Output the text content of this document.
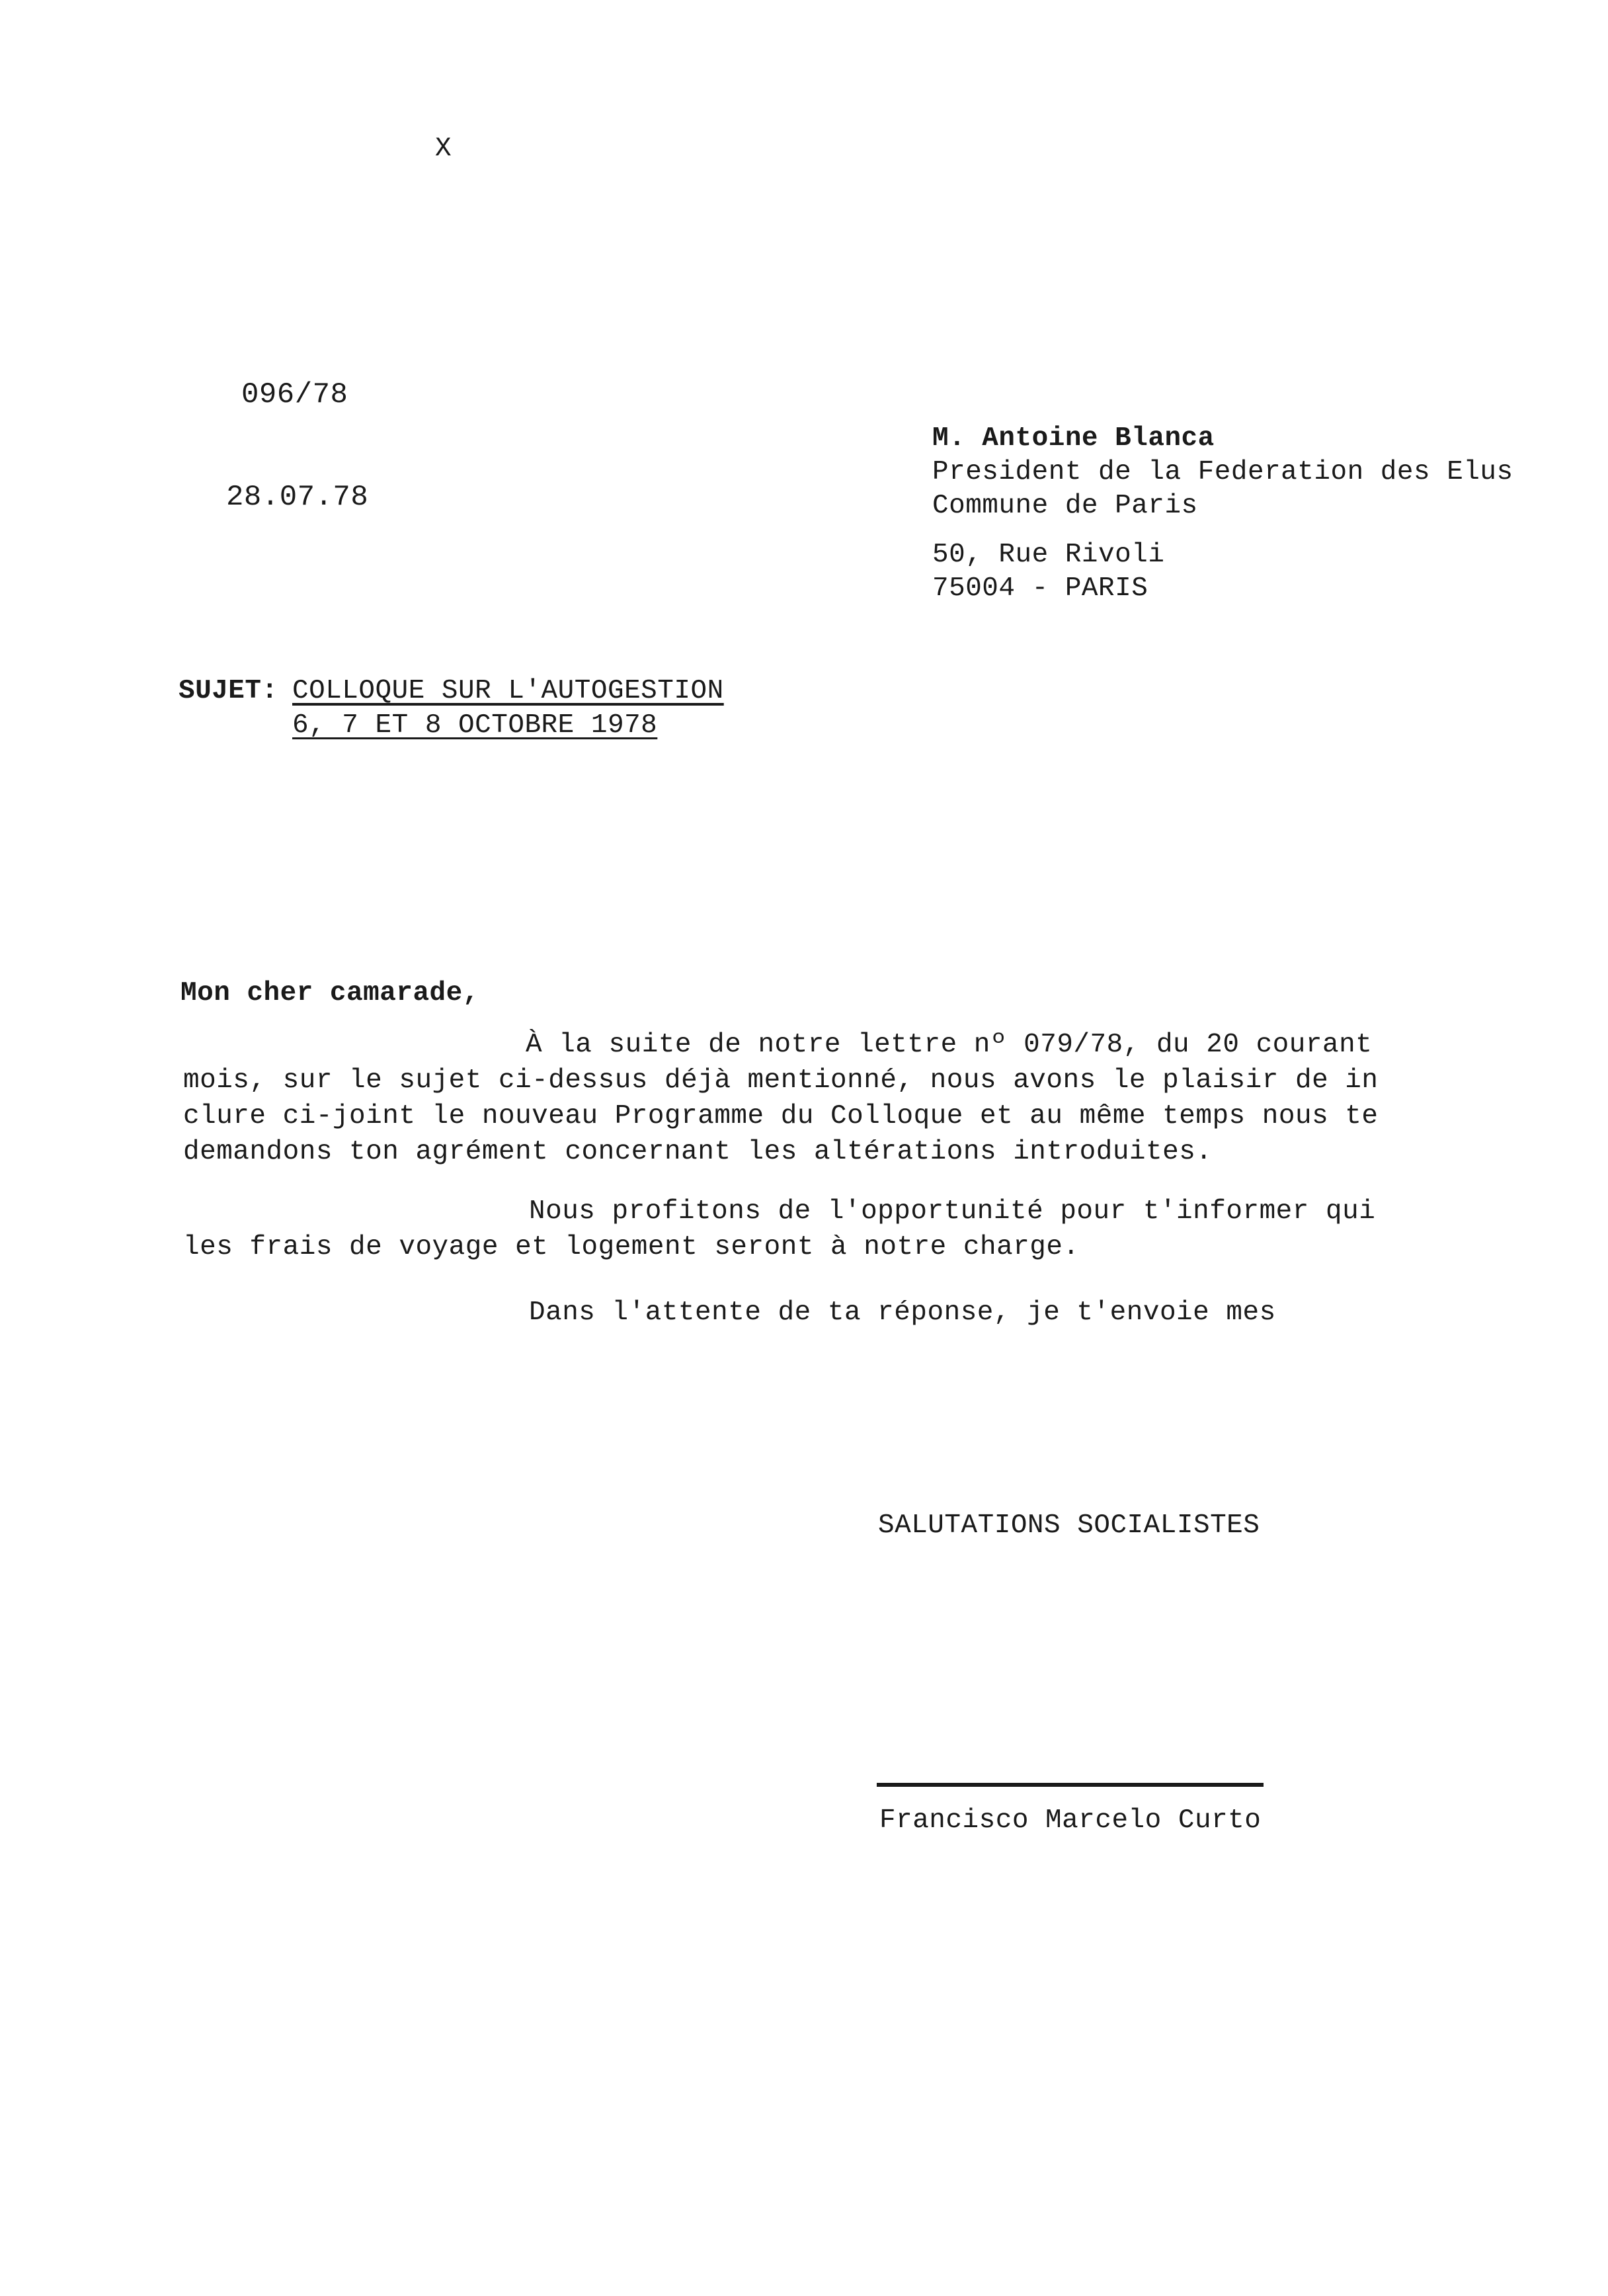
X
096/78
28.07.78
M. Antoine Blanca
President de la Federation des Elus
Commune de Paris
50, Rue Rivoli
75004 - PARIS
SUJET: COLLOQUE SUR L'AUTOGESTION
6, 7 ET 8 OCTOBRE 1978
Mon cher camarade,
À la suite de notre lettre nº 079/78, du 20 courant
mois, sur le sujet ci-dessus déjà mentionné, nous avons le plaisir de in
clure ci-joint le nouveau Programme du Colloque et au même temps nous te
demandons ton agrément concernant les altérations introduites.
Nous profitons de l'opportunité pour t'informer qui
les frais de voyage et logement seront à notre charge.
Dans l'attente de ta réponse, je t'envoie mes
SALUTATIONS SOCIALISTES
Francisco Marcelo Curto
